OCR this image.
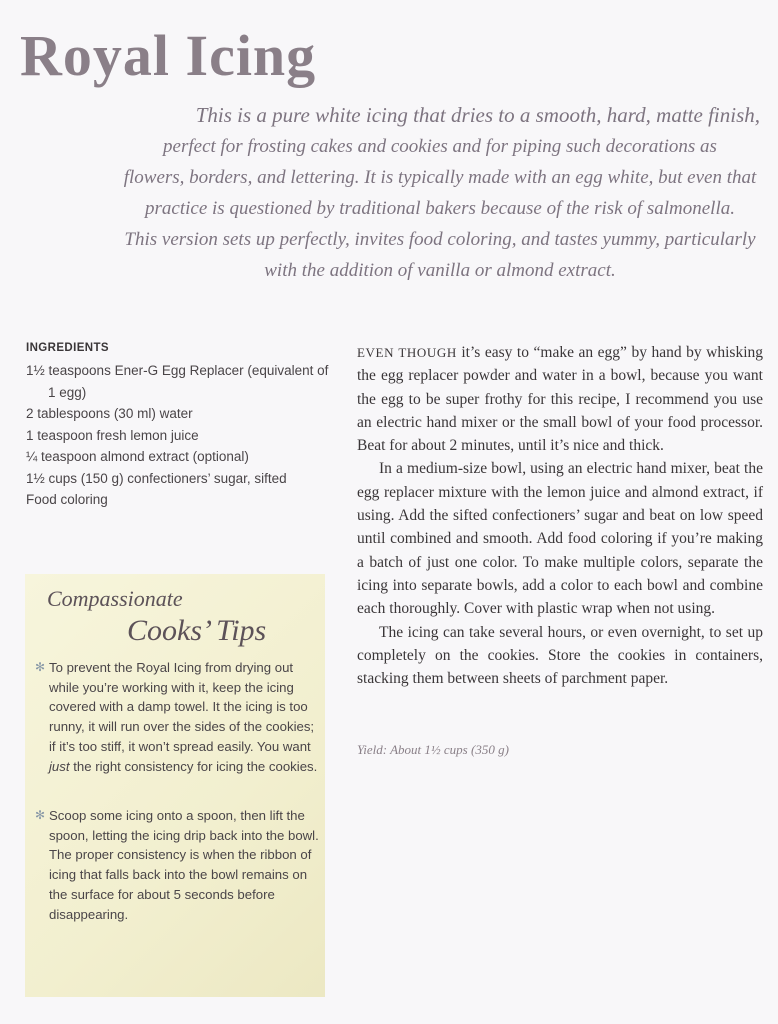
Royal Icing
This is a pure white icing that dries to a smooth, hard, matte finish,
perfect for frosting cakes and cookies and for piping such decorations as
flowers, borders, and lettering. It is typically made with an egg white, but even that
practice is questioned by traditional bakers because of the risk of salmonella.
This version sets up perfectly, invites food coloring, and tastes yummy, particularly
with the addition of vanilla or almond extract.
INGREDIENTS
1½ teaspoons Ener-G Egg Replacer (equivalent of 1 egg)
2 tablespoons (30 ml) water
1 teaspoon fresh lemon juice
¼ teaspoon almond extract (optional)
1½ cups (150 g) confectioners’ sugar, sifted
Food coloring

EVEN THOUGH it’s easy to “make an egg” by hand by whisking the egg replacer powder and water in a bowl, because you want the egg to be super frothy for this recipe, I recommend you use an electric hand mixer or the small bowl of your food processor. Beat for about 2 minutes, until it’s nice and thick.

In a medium-size bowl, using an electric hand mixer, beat the egg replacer mixture with the lemon juice and almond extract, if using. Add the sifted confectioners’ sugar and beat on low speed until combined and smooth. Add food coloring if you’re making a batch of just one color. To make multiple colors, separate the icing into separate bowls, add a color to each bowl and combine each thoroughly. Cover with plastic wrap when not using.

The icing can take several hours, or even overnight, to set up completely on the cookies. Store the cookies in containers, stacking them between sheets of parchment paper.

Yield: About 1½ cups (350 g)
Compassionate
Cooks’ Tips
✻ To prevent the Royal Icing from drying out while you’re working with it, keep the icing covered with a damp towel. It the icing is too runny, it will run over the sides of the cookies; if it’s too stiff, it won’t spread easily. You want just the right consistency for icing the cookies.
✻ Scoop some icing onto a spoon, then lift the spoon, letting the icing drip back into the bowl. The proper consistency is when the ribbon of icing that falls back into the bowl remains on the surface for about 5 seconds before disappearing.
